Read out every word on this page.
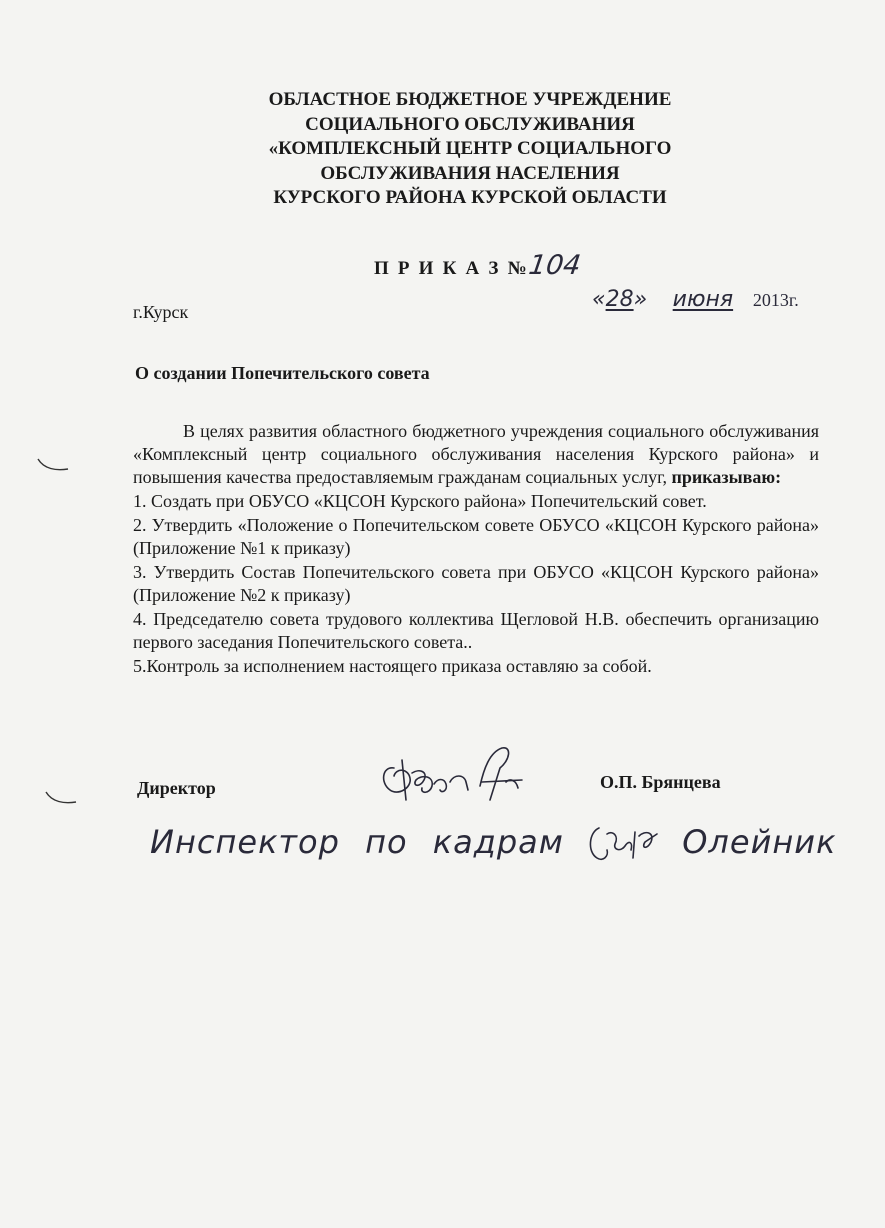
ОБЛАСТНОЕ БЮДЖЕТНОЕ УЧРЕЖДЕНИЕ
СОЦИАЛЬНОГО ОБСЛУЖИВАНИЯ
«КОМПЛЕКСНЫЙ ЦЕНТР СОЦИАЛЬНОГО
ОБСЛУЖИВАНИЯ НАСЕЛЕНИЯ
КУРСКОГО РАЙОНА КУРСКОЙ ОБЛАСТИ
П Р И К А З №104
г.Курск	«28» июня 2013г.
О создании Попечительского совета

В целях развития областного бюджетного учреждения социального обслуживания «Комплексный центр социального обслуживания населения Курского района» и повышения качества предоставляемым гражданам социальных услуг, приказываю:

1. Создать при ОБУСО «КЦСОН Курского района» Попечительский совет.

2. Утвердить «Положение о Попечительском совете ОБУСО «КЦСОН Курского района» (Приложение №1 к приказу)

3. Утвердить Состав Попечительского совета при ОБУСО «КЦСОН Курского района» (Приложение №2 к приказу)

4. Председателю совета трудового коллектива Щегловой Н.В. обеспечить организацию первого заседания Попечительского совета..

5.Контроль за исполнением настоящего приказа оставляю за собой.

Директор	О.П. Брянцева
Инспектор по кадрам	Олейник
